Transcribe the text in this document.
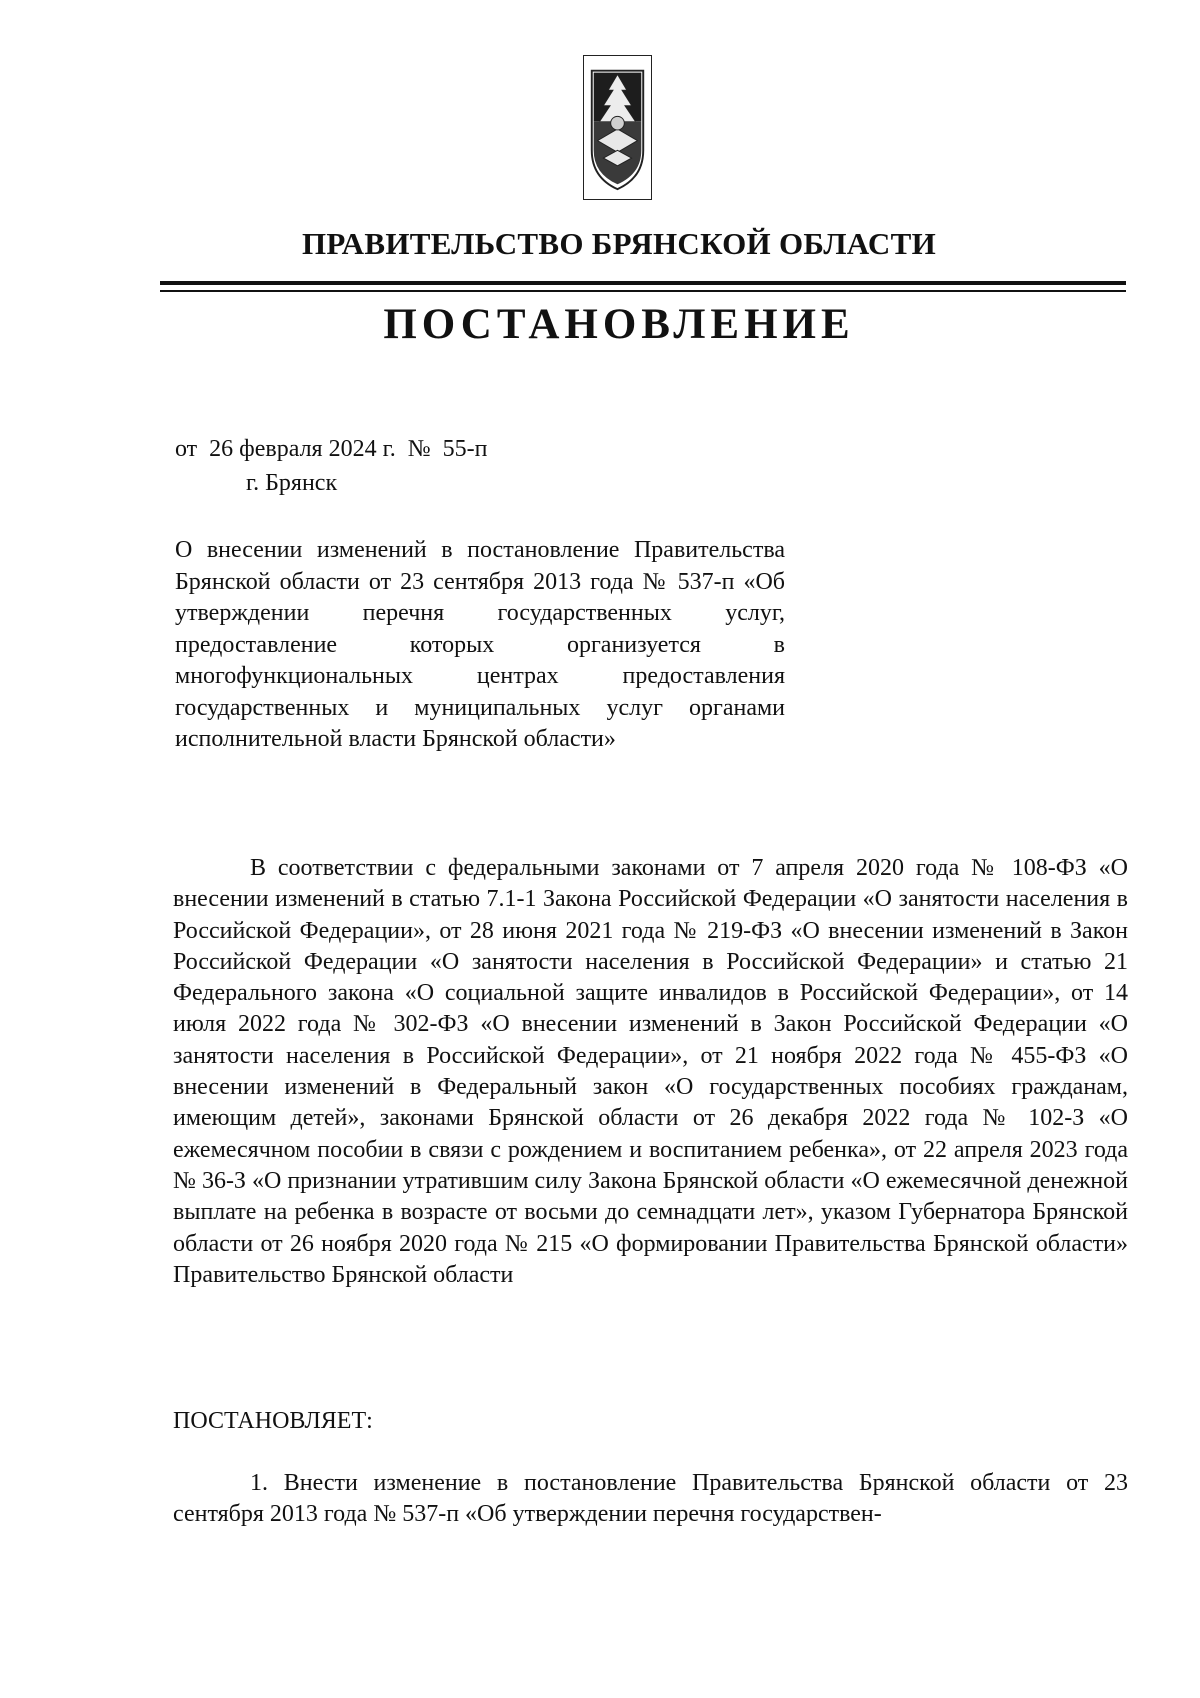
ПРАВИТЕЛЬСТВО БРЯНСКОЙ ОБЛАСТИ
ПОСТАНОВЛЕНИЕ
от 26 февраля 2024 г. № 55-п
г. Брянск
О внесении изменений в постановление Правительства Брянской области от 23 сентября 2013 года № 537-п «Об утверждении перечня государственных услуг, предоставление которых организуется в многофункциональных центрах предоставления государственных и муниципальных услуг органами исполнительной власти Брянской области»
В соответствии с федеральными законами от 7 апреля 2020 года № 108-ФЗ «О внесении изменений в статью 7.1-1 Закона Российской Федерации «О занятости населения в Российской Федерации», от 28 июня 2021 года № 219-ФЗ «О внесении изменений в Закон Российской Федерации «О занятости населения в Российской Федерации» и статью 21 Федерального закона «О социальной защите инвалидов в Российской Федерации», от 14 июля 2022 года № 302-ФЗ «О внесении изменений в Закон Российской Федерации «О занятости населения в Российской Федерации», от 21 ноября 2022 года № 455-ФЗ «О внесении изменений в Федеральный закон «О государственных пособиях гражданам, имеющим детей», законами Брянской области от 26 декабря 2022 года № 102-З «О ежемесячном пособии в связи с рождением и воспитанием ребенка», от 22 апреля 2023 года № 36-З «О признании утратившим силу Закона Брянской области «О ежемесячной денежной выплате на ребенка в возрасте от восьми до семнадцати лет», указом Губернатора Брянской области от 26 ноября 2020 года № 215 «О формировании Правительства Брянской области» Правительство Брянской области
ПОСТАНОВЛЯЕТ:
1. Внести изменение в постановление Правительства Брянской области от 23 сентября 2013 года № 537-п «Об утверждении перечня государствен-
